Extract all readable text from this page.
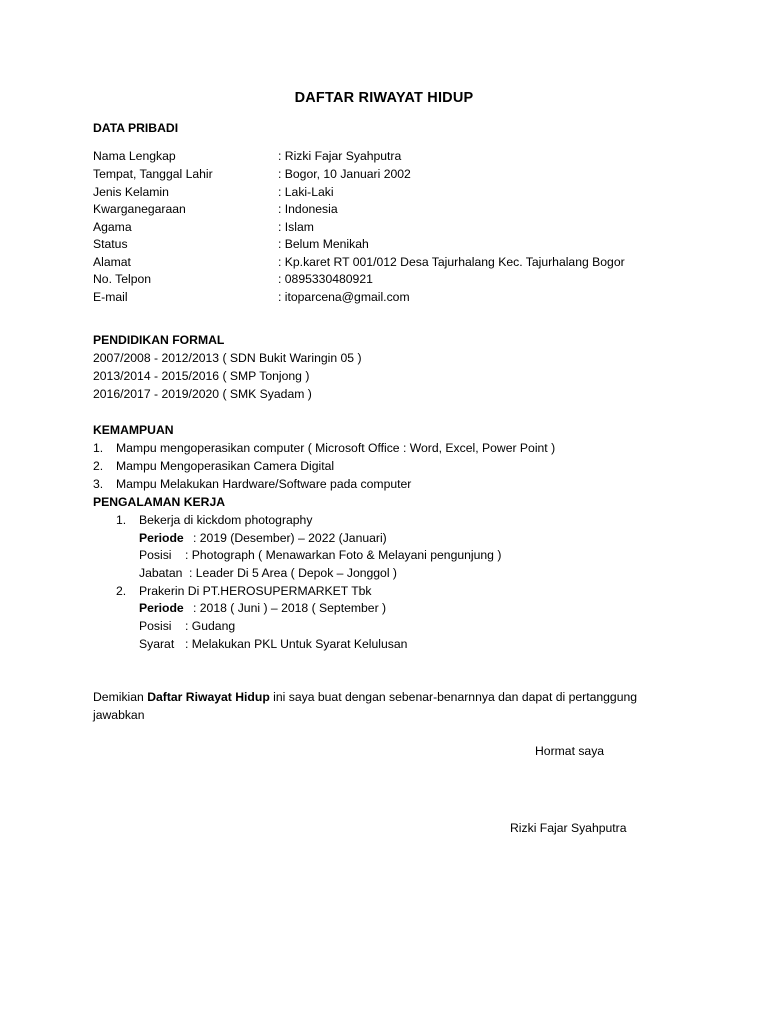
DAFTAR RIWAYAT HIDUP
DATA PRIBADI
Nama Lengkap	: Rizki Fajar Syahputra
Tempat, Tanggal Lahir	: Bogor, 10 Januari 2002
Jenis Kelamin	: Laki-Laki
Kwarganegaraan	: Indonesia
Agama	: Islam
Status	: Belum Menikah
Alamat	: Kp.karet RT 001/012 Desa Tajurhalang Kec. Tajurhalang Bogor
No. Telpon	: 0895330480921
E-mail	: itoparcena@gmail.com
PENDIDIKAN FORMAL
2007/2008 - 2012/2013 ( SDN Bukit Waringin 05 )
2013/2014 - 2015/2016 ( SMP Tonjong )
2016/2017 - 2019/2020 ( SMK Syadam )
KEMAMPUAN
1.	Mampu mengoperasikan computer ( Microsoft Office : Word, Excel, Power Point )
2.	Mampu Mengoperasikan Camera Digital
3.	Mampu Melakukan Hardware/Software pada computer
PENGALAMAN KERJA
1.	Bekerja di kickdom photography
Periode : 2019 (Desember) – 2022 (Januari)
Posisi : Photograph ( Menawarkan Foto & Melayani pengunjung )
Jabatan : Leader Di 5 Area ( Depok – Jonggol )
2.	Prakerin Di PT.HEROSUPERMARKET Tbk
Periode : 2018 ( Juni ) – 2018 ( September )
Posisi : Gudang
Syarat : Melakukan PKL Untuk Syarat Kelulusan
Demikian Daftar Riwayat Hidup ini saya buat dengan sebenar-benarnnya dan dapat di pertanggung jawabkan
Hormat saya
Rizki Fajar Syahputra
